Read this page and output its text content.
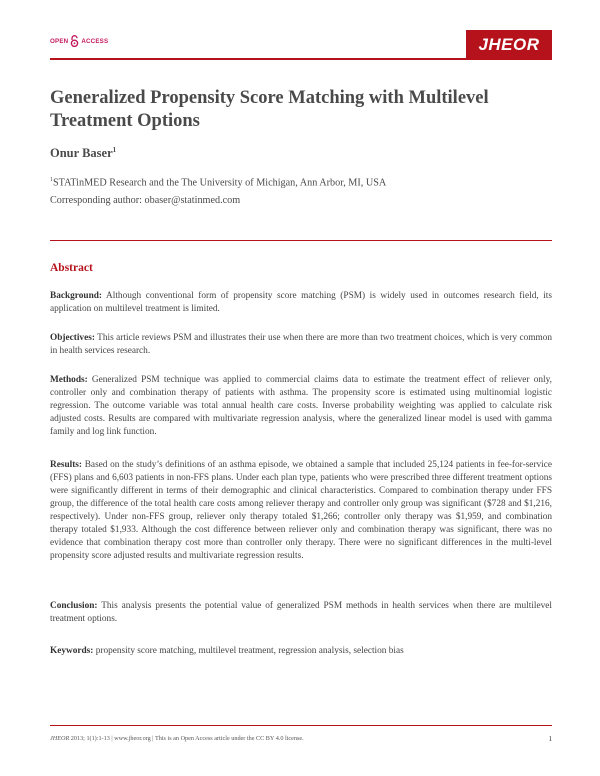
OPEN ACCESS	JHEOR
Generalized Propensity Score Matching with Multilevel Treatment Options
Onur Baser$^1$
$^1$STATinMED Research and the The University of Michigan, Ann Arbor, MI, USA
Corresponding author: obaser@statinmed.com
Abstract

Background: Although conventional form of propensity score matching (PSM) is widely used in outcomes research field, its application on multilevel treatment is limited.

Objectives: This article reviews PSM and illustrates their use when there are more than two treatment choices, which is very common in health services research.

Methods: Generalized PSM technique was applied to commercial claims data to estimate the treatment effect of reliever only, controller only and combination therapy of patients with asthma. The propensity score is estimated using multinomial logistic regression. The outcome variable was total annual health care costs. Inverse probability weighting was applied to calculate risk adjusted costs. Results are compared with multivariate regression analysis, where the generalized linear model is used with gamma family and log link function.

Results: Based on the study’s definitions of an asthma episode, we obtained a sample that included 25,124 patients in fee-for-service (FFS) plans and 6,603 patients in non-FFS plans. Under each plan type, patients who were prescribed three different treatment options were significantly different in terms of their demographic and clinical characteristics. Compared to combination therapy under FFS group, the difference of the total health care costs among reliever therapy and controller only group was significant ($728 and $1,216, respectively). Under non-FFS group, reliever only therapy totaled $1,266; controller only therapy was $1,959, and combination therapy totaled $1,933. Although the cost difference between reliever only and combination therapy was significant, there was no evidence that combination therapy cost more than controller only therapy. There were no significant differences in the multi-level propensity score adjusted results and multivariate regression results.

Conclusion: This analysis presents the potential value of generalized PSM methods in health services when there are multilevel treatment options.

Keywords: propensity score matching, multilevel treatment, regression analysis, selection bias

JHEOR 2013; 1(1):1-13 | www.jheor.org | This is an Open Access article under the CC BY 4.0 license.	1
